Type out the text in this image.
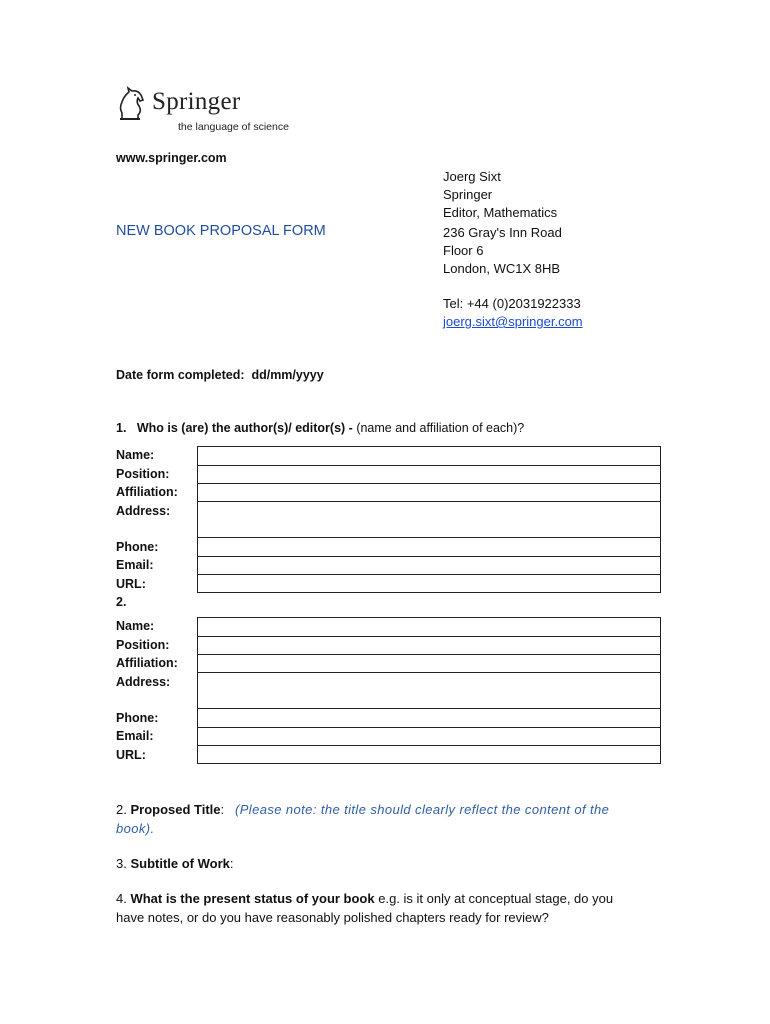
Springer
the language of science
www.springer.com
NEW BOOK PROPOSAL FORM
Joerg Sixt
Springer
Editor, Mathematics
236 Gray's Inn Road
Floor 6
London, WC1X 8HB
Tel: +44 (0)2031922333
joerg.sixt@springer.com
Date form completed: dd/mm/yyyy
1. Who is (are) the author(s)/ editor(s) - (name and affiliation of each)?
Name:
Position:
Affiliation:
Address:
Phone:
Email:
URL:
2.
Name:
Position:
Affiliation:
Address:
Phone:
Email:
URL:
2. Proposed Title: (Please note: the title should clearly reflect the content of the
book).
3. Subtitle of Work:
4. What is the present status of your book e.g. is it only at conceptual stage, do you
have notes, or do you have reasonably polished chapters ready for review?
